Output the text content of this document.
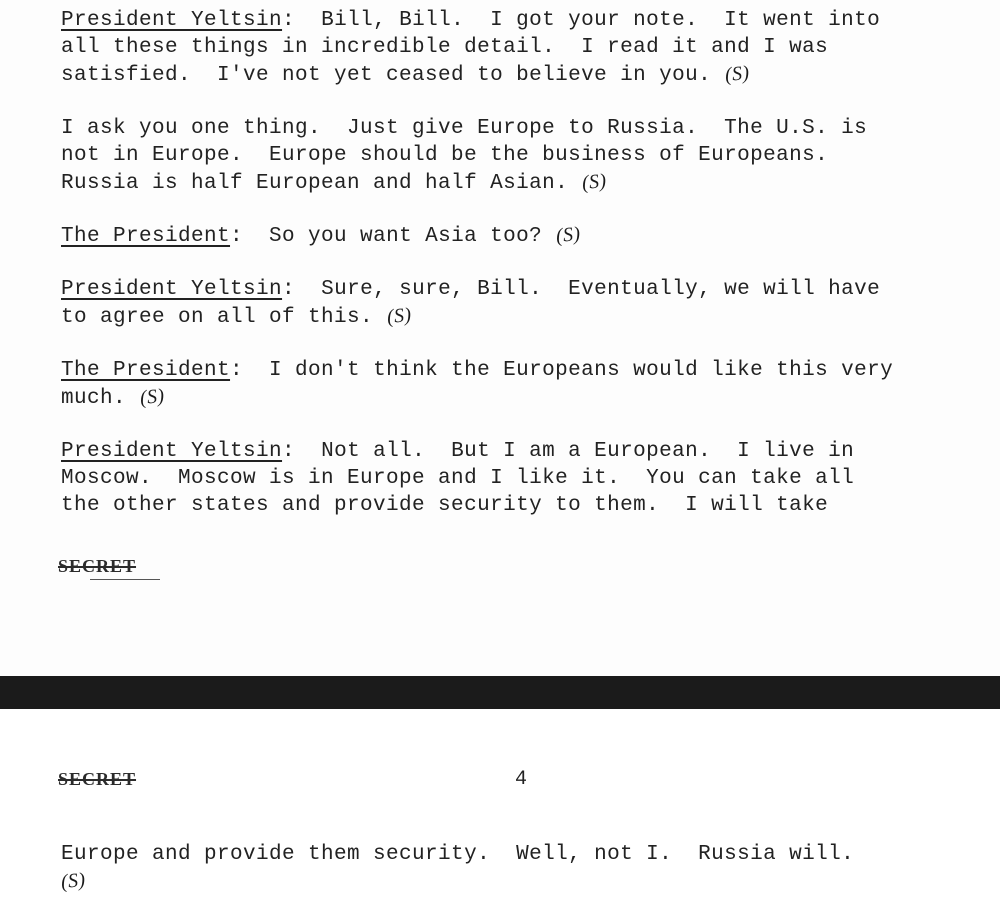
President Yeltsin:  Bill, Bill.  I got your note.  It went into
all these things in incredible detail.  I read it and I was
satisfied.  I've not yet ceased to believe in you. (S)

I ask you one thing.  Just give Europe to Russia.  The U.S. is
not in Europe.  Europe should be the business of Europeans.
Russia is half European and half Asian. (S)

The President:  So you want Asia too? (S)

President Yeltsin:  Sure, sure, Bill.  Eventually, we will have
to agree on all of this. (S)

The President:  I don't think the Europeans would like this very
much. (S)

President Yeltsin:  Not all.  But I am a European.  I live in
Moscow.  Moscow is in Europe and I like it.  You can take all
the other states and provide security to them.  I will take

SECRET
SECRET	4

Europe and provide them security.  Well, not I.  Russia will.
(S)
